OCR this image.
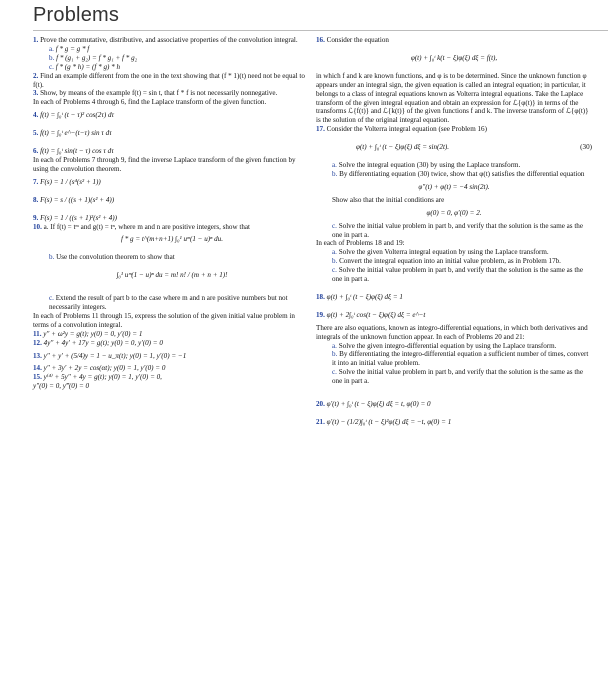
Problems

1. Prove the commutative, distributive, and associative properties of the convolution integral.

a. f * g = g * f

b. f * (g₁ + g₂) = f * g₁ + f * g₂

c. f * (g * h) = (f * g) * h

2. Find an example different from the one in the text showing that (f * 1)(t) need not be equal to f(t).

3. Show, by means of the example f(t) = sin t, that f * f is not necessarily nonnegative.

In each of Problems 4 through 6, find the Laplace transform of the given function.

4. f(t) = ∫₀ᵗ (t − τ)² cos(2τ) dτ

5. f(t) = ∫₀ᵗ e^−(t−τ) sin τ dτ

6. f(t) = ∫₀ᵗ sin(t − τ) cos τ dτ

In each of Problems 7 through 9, find the inverse Laplace transform of the given function by using the convolution theorem.

7. F(s) = 1 / (s⁴(s² + 1))

8. F(s) = s / ((s + 1)(s² + 4))

9. F(s) = 1 / ((s + 1)²(s² + 4))

10. a. If f(t) = tᵐ and g(t) = tⁿ, where m and n are positive integers, show that

f * g = t^(m+n+1) ∫₀¹ uᵐ(1 − u)ⁿ du.

b. Use the convolution theorem to show that

∫₀¹ uᵐ(1 − u)ⁿ du = m! n! / (m + n + 1)!

c. Extend the result of part b to the case where m and n are positive numbers but not necessarily integers.

In each of Problems 11 through 15, express the solution of the given initial value problem in terms of a convolution integral.

11. y″ + ω²y = g(t); y(0) = 0, y′(0) = 1

12. 4y″ + 4y′ + 17y = g(t); y(0) = 0, y′(0) = 0

13. y″ + y′ + (5/4)y = 1 − u_π(t); y(0) = 1, y′(0) = −1

14. y″ + 3y′ + 2y = cos(αt); y(0) = 1, y′(0) = 0

15. y⁽⁴⁾ + 5y″ + 4y = g(t); y(0) = 1, y′(0) = 0,

y″(0) = 0, y‴(0) = 0

16. Consider the equation

φ(t) + ∫₀ᵗ k(t − ξ)φ(ξ) dξ = f(t),

in which f and k are known functions, and φ is to be determined. Since the unknown function φ appears under an integral sign, the given equation is called an integral equation; in particular, it belongs to a class of integral equations known as Volterra integral equations. Take the Laplace transform of the given integral equation and obtain an expression for ℒ{φ(t)} in terms of the transforms ℒ{f(t)} and ℒ{k(t)} of the given functions f and k. The inverse transform of ℒ{φ(t)} is the solution of the original integral equation.

17. Consider the Volterra integral equation (see Problem 16)

φ(t) + ∫₀ᵗ (t − ξ)φ(ξ) dξ = sin(2t).	(30)

a. Solve the integral equation (30) by using the Laplace transform.

b. By differentiating equation (30) twice, show that φ(t) satisfies the differential equation

φ″(t) + φ(t) = −4 sin(2t).

Show also that the initial conditions are

φ(0) = 0, φ′(0) = 2.

c. Solve the initial value problem in part b, and verify that the solution is the same as the one in part a.

In each of Problems 18 and 19:

a. Solve the given Volterra integral equation by using the Laplace transform.

b. Convert the integral equation into an initial value problem, as in Problem 17b.

c. Solve the initial value problem in part b, and verify that the solution is the same as the one in part a.

18. φ(t) + ∫₀ᵗ (t − ξ)φ(ξ) dξ = 1

19. φ(t) + 2∫₀ᵗ cos(t − ξ)φ(ξ) dξ = e^−t

There are also equations, known as integro-differential equations, in which both derivatives and integrals of the unknown function appear. In each of Problems 20 and 21:

a. Solve the given integro-differential equation by using the Laplace transform.

b. By differentiating the integro-differential equation a sufficient number of times, convert it into an initial value problem.

c. Solve the initial value problem in part b, and verify that the solution is the same as the one in part a.

20. φ′(t) + ∫₀ᵗ (t − ξ)φ(ξ) dξ = t, φ(0) = 0

21. φ′(t) − (1/2)∫₀ᵗ (t − ξ)²φ(ξ) dξ = −t, φ(0) = 1
